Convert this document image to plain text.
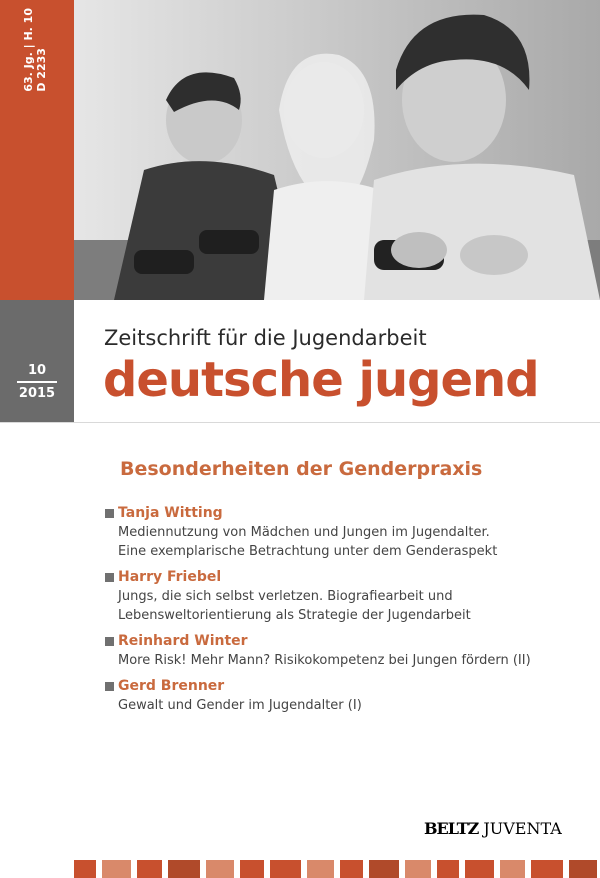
63. Jg. | H. 10
D 2233
10
2015
Zeitschrift für die Jugendarbeit
deutsche jugend
Besonderheiten der Genderpraxis
Tanja Witting
Mediennutzung von Mädchen und Jungen im Jugendalter.
Eine exemplarische Betrachtung unter dem Genderaspekt
Harry Friebel
Jungs, die sich selbst verletzen. Biografiearbeit und
Lebensweltorientierung als Strategie der Jugendarbeit
Reinhard Winter
More Risk! Mehr Mann? Risikokompetenz bei Jungen fördern (II)
Gerd Brenner
Gewalt und Gender im Jugendalter (I)
BELTZ JUVENTA
